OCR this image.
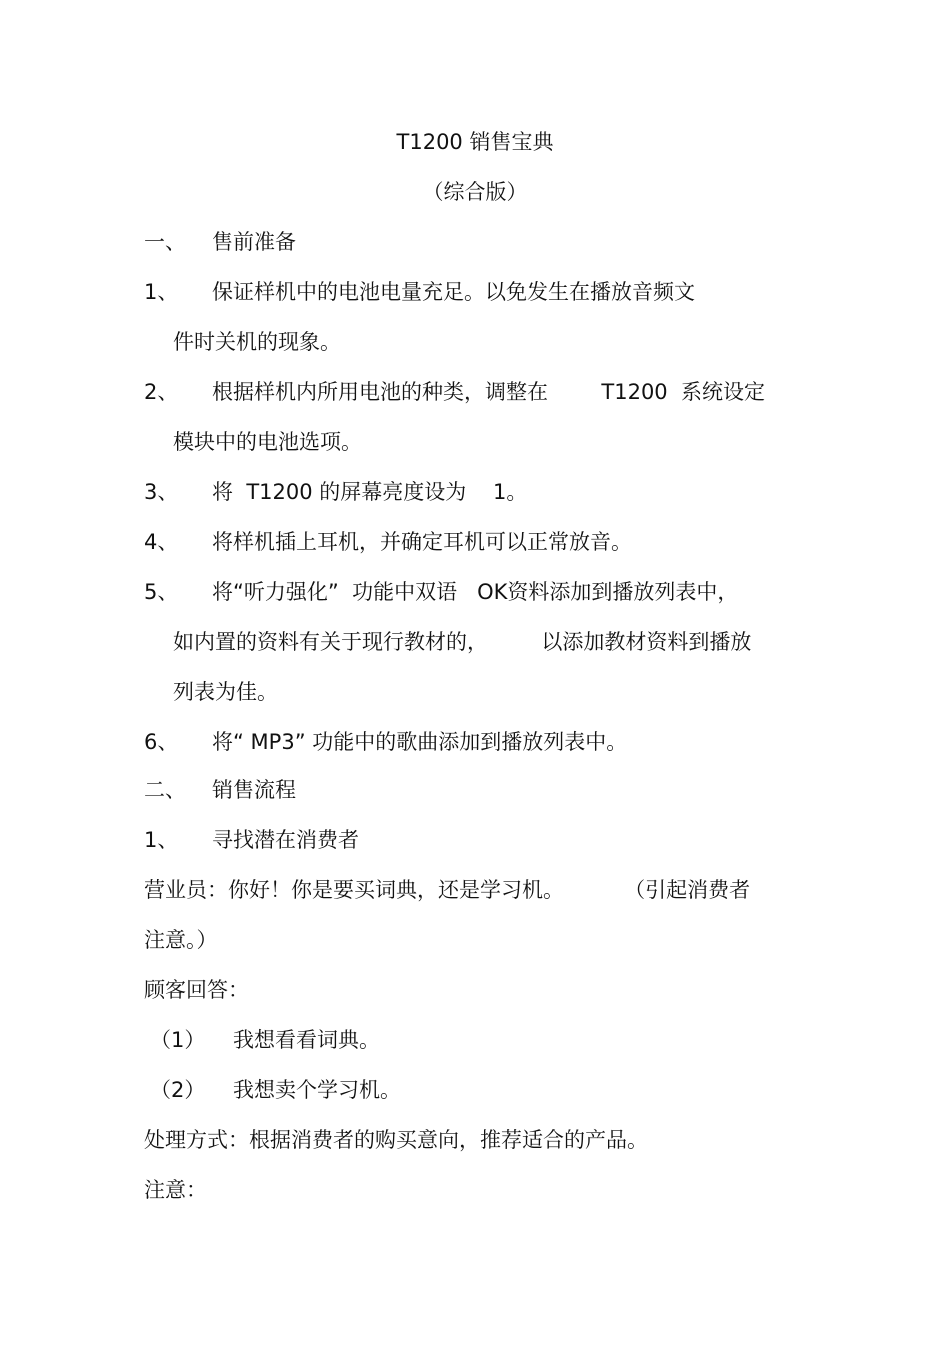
T1200 销售宝典
（综合版）
一、 售前准备
1、 保证样机中的电池电量充足。以免发生在播放音频文
件时关机的现象。
2、 根据样机内所用电池的种类，调整在        T1200  系统设定
模块中的电池选项。
3、 将  T1200 的屏幕亮度设为    1。
4、 将样机插上耳机，并确定耳机可以正常放音。
5、 将“听力强化”  功能中双语   OK资料添加到播放列表中，
如内置的资料有关于现行教材的，        以添加教材资料到播放
列表为佳。
6、 将“ MP3” 功能中的歌曲添加到播放列表中。
二、 销售流程
1、 寻找潜在消费者
营业员：你好！你是要买词典，还是学习机。         （引起消费者
注意。）
顾客回答：
（1） 我想看看词典。
（2） 我想卖个学习机。
处理方式：根据消费者的购买意向，推荐适合的产品。
注意：
